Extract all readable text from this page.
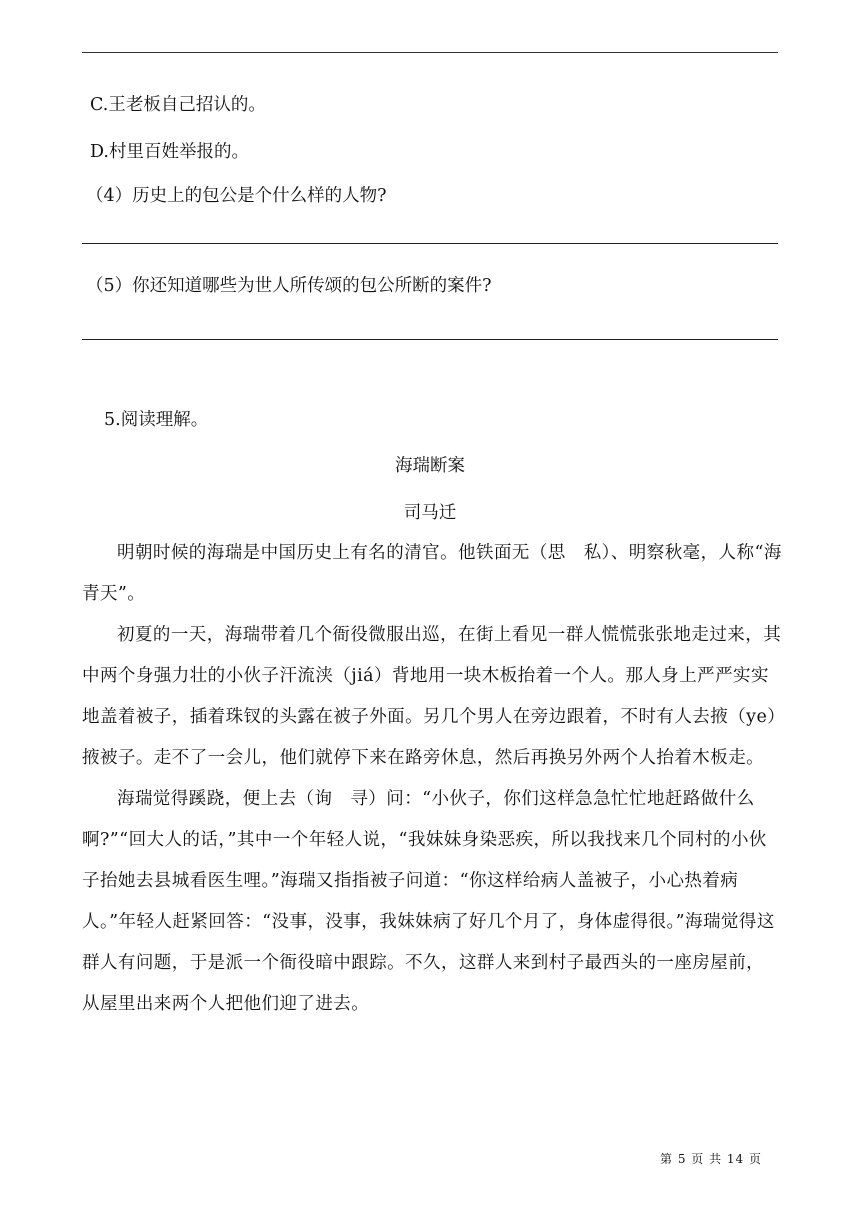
C.王老板自己招认的。
D.村里百姓举报的。
（4）历史上的包公是个什么样的人物?
（5）你还知道哪些为世人所传颂的包公所断的案件?
5.阅读理解。
海瑞断案
司马迁

明朝时候的海瑞是中国历史上有名的清官。他铁面无（思　私）、明察秋毫，人称“海青天”。

初夏的一天，海瑞带着几个衙役微服出巡，在街上看见一群人慌慌张张地走过来，其中两个身强力壮的小伙子汗流浃（jiá）背地用一块木板抬着一个人。那人身上严严实实地盖着被子，插着珠钗的头露在被子外面。另几个男人在旁边跟着，不时有人去掖（ye）掖被子。走不了一会儿，他们就停下来在路旁休息，然后再换另外两个人抬着木板走。

海瑞觉得蹊跷，便上去（询　寻）问：“小伙子，你们这样急急忙忙地赶路做什么啊?”“回大人的话，”其中一个年轻人说，“我妹妹身染恶疾，所以我找来几个同村的小伙子抬她去县城看医生哩。”海瑞又指指被子问道：“你这样给病人盖被子，小心热着病人。”年轻人赶紧回答：“没事，没事，我妹妹病了好几个月了，身体虚得很。”海瑞觉得这群人有问题，于是派一个衙役暗中跟踪。不久，这群人来到村子最西头的一座房屋前，从屋里出来两个人把他们迎了进去。

第 5 页 共 14 页
